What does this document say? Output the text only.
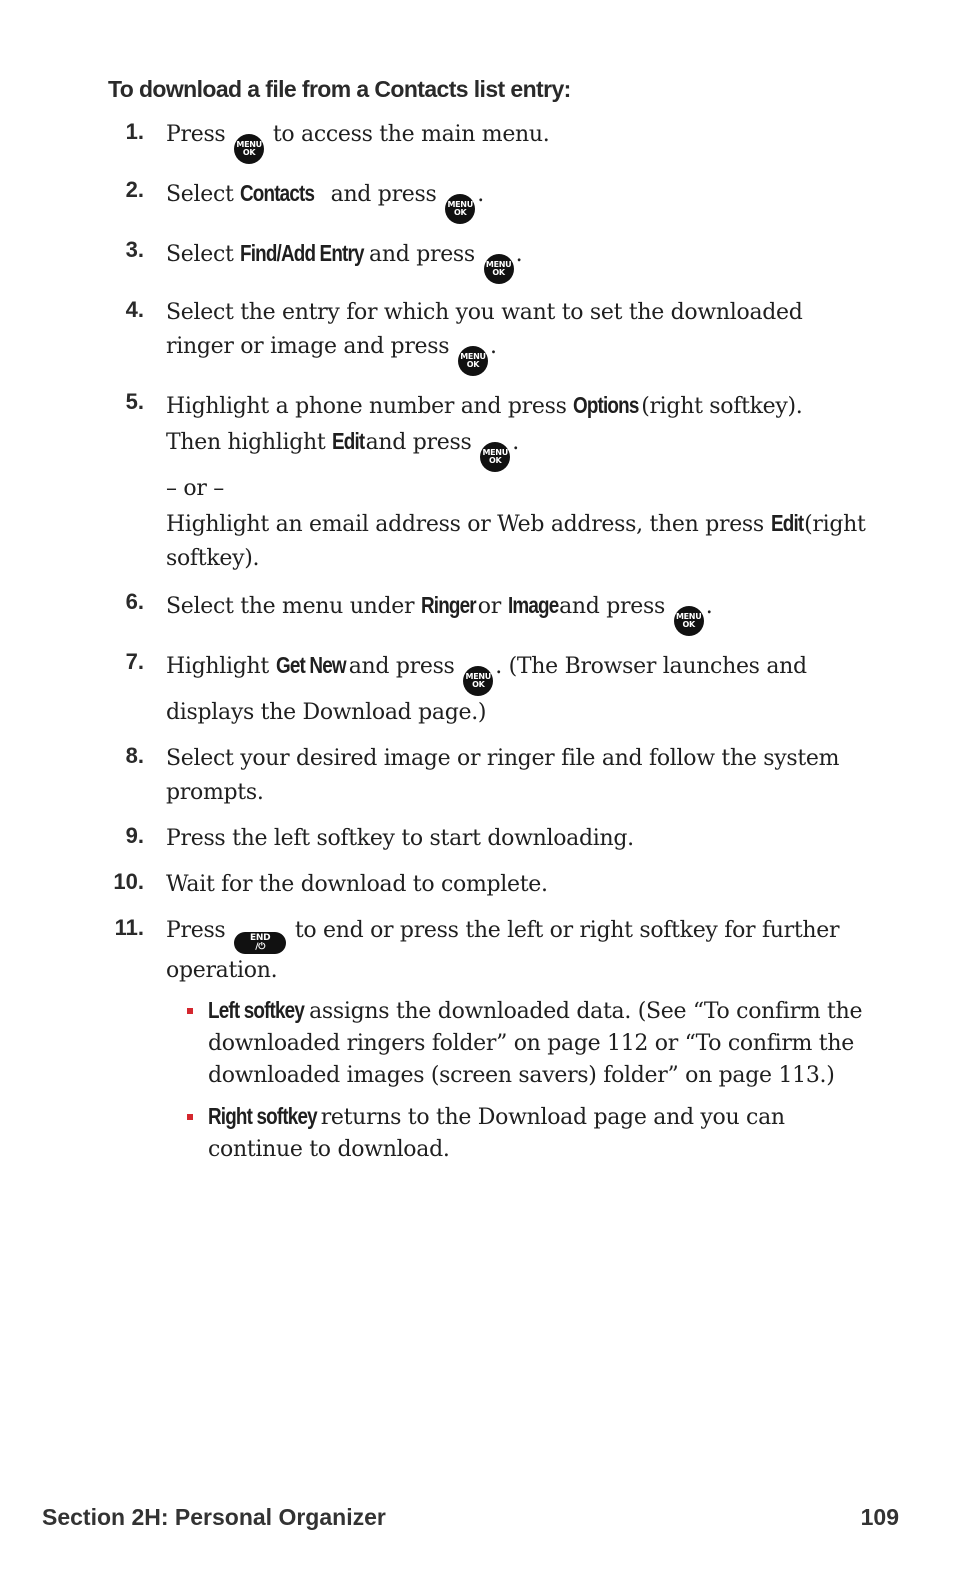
To download a file from a Contacts list entry:
1. Press MENU
OK
to access the main menu.
2. Select Contacts and press MENU
OK
.
3. Select Find/Add Entry and press MENU
OK
.
4. Select the entry for which you want to set the downloaded ringer or image and press MENU
OK
.
5. Highlight a phone number and press Options (right softkey).
Then highlight Editand press MENU
OK
.
– or –
Highlight an email address or Web address, then press Edit(right softkey).
6. Select the menu under Ringeror Imageand press MENU
OK
.
7. Highlight Get New and press MENU
OK
. (The Browser launches and displays the Download page.)
8. Select your desired image or ringer file and follow the system prompts.
9. Press the left softkey to start downloading.
10. Wait for the download to complete.
11. Press	END
/⏻
to end or press the left or right softkey for further operation.
Left softkey assigns the downloaded data. (See “To confirm the downloaded ringers folder” on page 112 or “To confirm the downloaded images (screen savers) folder” on page 113.)
Right softkey returns to the Download page and you can continue to download.
Section 2H: Personal Organizer	109
